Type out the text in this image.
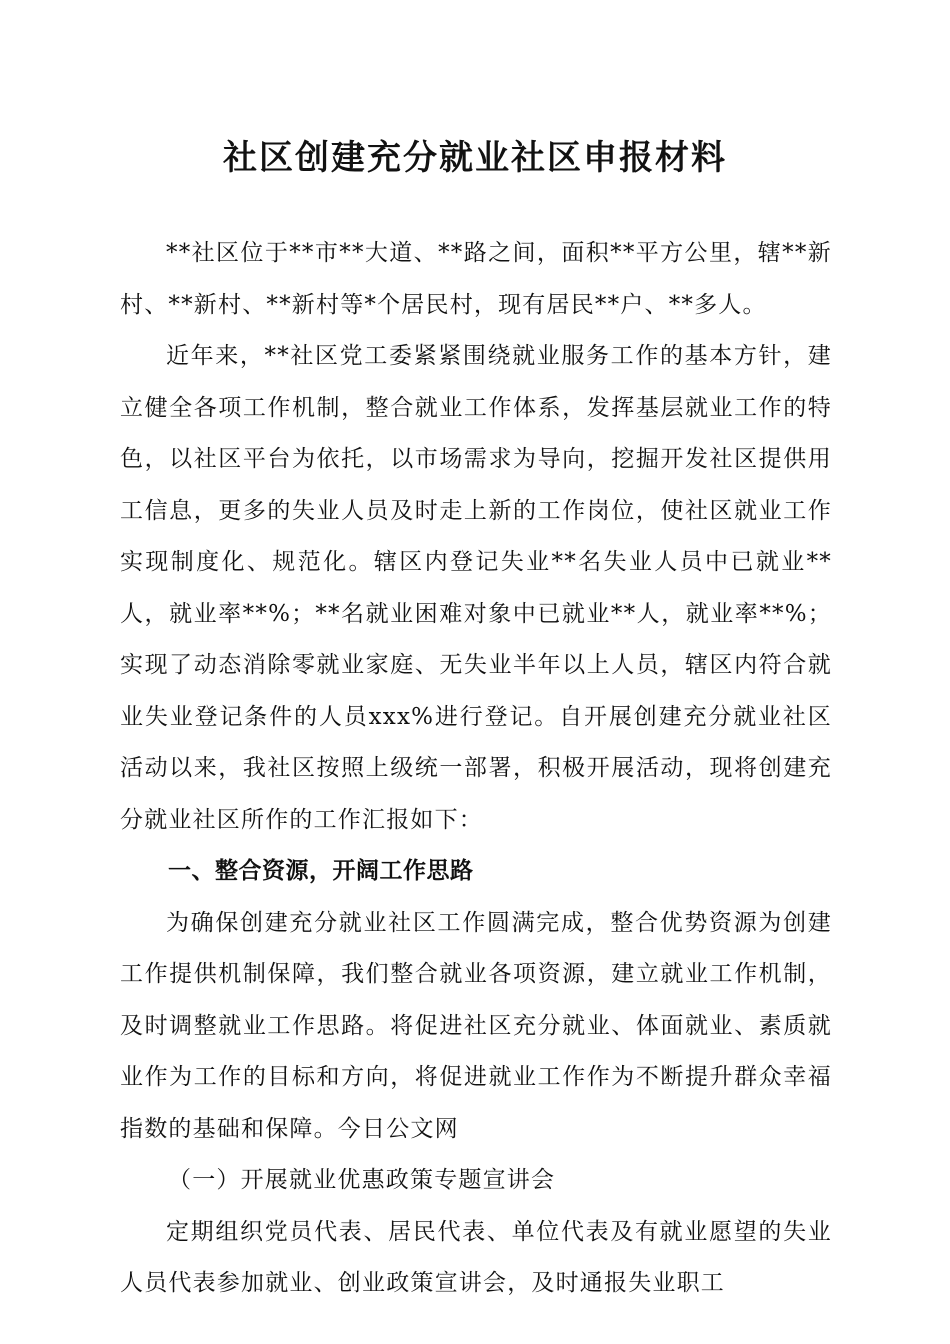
社区创建充分就业社区申报材料

**社区位于**市**大道、**路之间，面积**平方公里，辖**新村、**新村、**新村等*个居民村，现有居民**户、**多人。

近年来，**社区党工委紧紧围绕就业服务工作的基本方针，建立健全各项工作机制，整合就业工作体系，发挥基层就业工作的特色，以社区平台为依托，以市场需求为导向，挖掘开发社区提供用工信息，更多的失业人员及时走上新的工作岗位，使社区就业工作实现制度化、规范化。辖区内登记失业**名失业人员中已就业**人，就业率**%；**名就业困难对象中已就业**人，就业率**%；实现了动态消除零就业家庭、无失业半年以上人员，辖区内符合就业失业登记条件的人员xxx%进行登记。自开展创建充分就业社区活动以来，我社区按照上级统一部署，积极开展活动，现将创建充分就业社区所作的工作汇报如下：

一、整合资源，开阔工作思路

为确保创建充分就业社区工作圆满完成，整合优势资源为创建工作提供机制保障，我们整合就业各项资源，建立就业工作机制，及时调整就业工作思路。将促进社区充分就业、体面就业、素质就业作为工作的目标和方向，将促进就业工作作为不断提升群众幸福指数的基础和保障。今日公文网

（一）开展就业优惠政策专题宣讲会

定期组织党员代表、居民代表、单位代表及有就业愿望的失业人员代表参加就业、创业政策宣讲会，及时通报失业职工
